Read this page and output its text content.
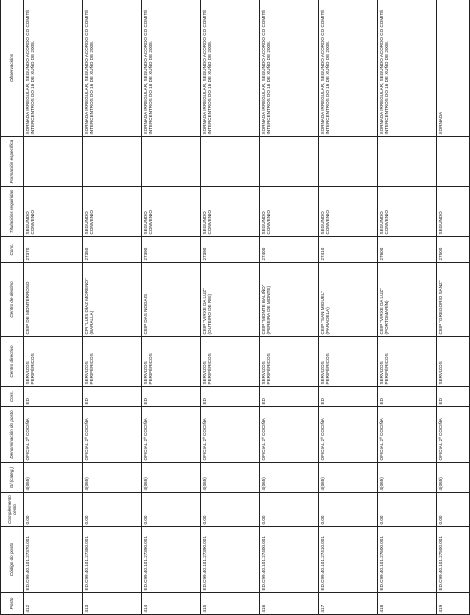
Posto	Código do posto	Complemento cesto	Gl (categ.)	Denominación do posto	Cors.	Centro directivo	Centro de destino	Conc.	Titulacións requiridas	Formación específica	Observacións
412	ED.C99.40.101.27370.001	0.00	4(065)	OFICIAL 2ª COCIÑA	ED	SERVIZOS PERIFÉRICOS	CEIP DE MONTERROSO	27370	SEGUNDO CONVENIO		XORNADA IRREGULAR, SEGUNDO ACORDO CO COMITÉ INTERCENTROS DO 16 DE XUÑO DE 2008.
413	ED.C99.40.101.27350.001	0.00	4(065)	OFICIAL 2ª COCIÑA	ED	SERVIZOS PERIFÉRICOS	CPI "LUIS DÍAZ MORENO" (BARALLA)	27350	SEGUNDO CONVENIO		XORNADA IRREGULAR, SEGUNDO ACORDO CO COMITÉ INTERCENTROS DO 16 DE XUÑO DE 2008.
414	ED.C99.40.101.27390.001	0.00	4(065)	OFICIAL 2ª COCIÑA	ED	SERVIZOS PERIFÉRICOS	CEIP DAS NOGAIS	27390	SEGUNDO CONVENIO		XORNADA IRREGULAR, SEGUNDO ACORDO CO COMITÉ INTERCENTROS DO 16 DE XUÑO DE 2008.
415	ED.C99.40.101.27390.001	0.00	4(065)	OFICIAL 2ª COCIÑA	ED	SERVIZOS PERIFÉRICOS	CEIP "VIRXE DA LUZ" (OUTEIRO DE REI)	27390	SEGUNDO CONVENIO		XORNADA IRREGULAR, SEGUNDO ACORDO CO COMITÉ INTERCENTROS DO 16 DE XUÑO DE 2008.
416	ED.C99.40.101.27400.001	0.00	4(065)	OFICIAL 2ª COCIÑA	ED	SERVIZOS PERIFÉRICOS	CEIP "MONTE BALIÑO" (PEREIRA DE MONTE)	27400	SEGUNDO CONVENIO		XORNADA IRREGULAR, SEGUNDO ACORDO CO COMITÉ INTERCENTROS DO 16 DE XUÑO DE 2008.
417	ED.C99.40.101.27410.001	0.00	4(065)	OFICIAL 2ª COCIÑA	ED	SERVIZOS PERIFÉRICOS	CEIP "SAN MIGUEL" (PARADELA)	27410	SEGUNDO CONVENIO		XORNADA IRREGULAR, SEGUNDO ACORDO CO COMITÉ INTERCENTROS DO 16 DE XUÑO DE 2008.
418	ED.C99.40.101.27600.001	0.00	4(065)	OFICIAL 2ª COCIÑA	ED	SERVIZOS PERIFÉRICOS	CEIP "VIRXE DA LUZ" (PORTOMARÍN)	27600	SEGUNDO CONVENIO		XORNADA IRREGULAR, SEGUNDO ACORDO CO COMITÉ INTERCENTROS DO 16 DE XUÑO DE 2008.
419	ED.C99.40.101.27500.001	0.00	4(065)	OFICIAL 2ª COCIÑA	ED	SERVIZOS	CEIP "GREGORIO SANZ"	27500	SEGUNDO		XORNADA
